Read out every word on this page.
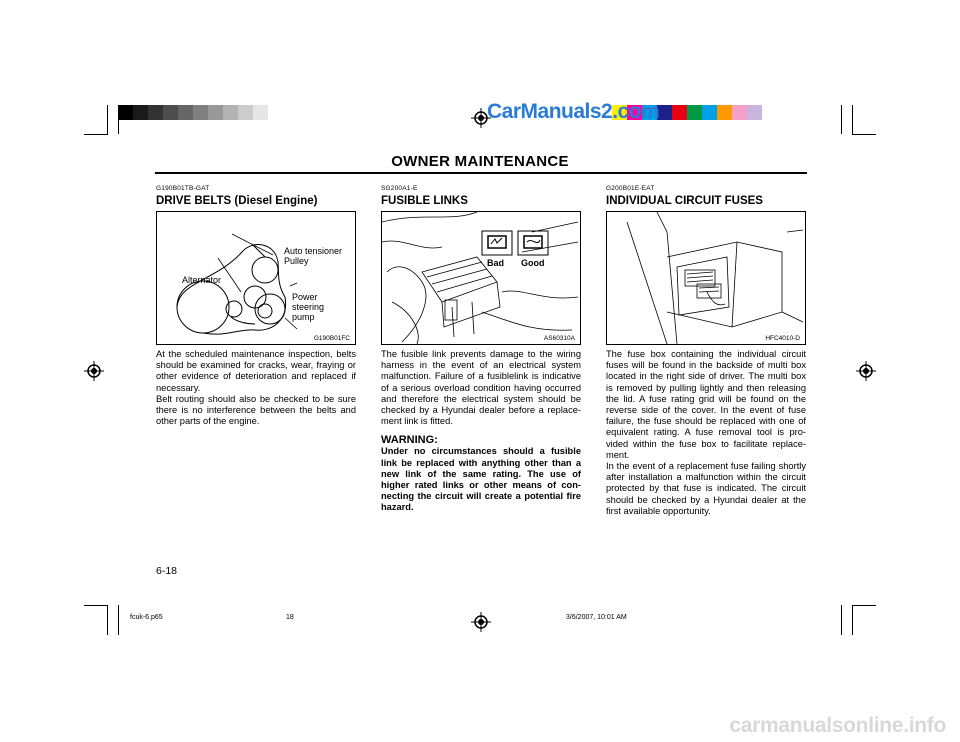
CarManuals2.com
OWNER MAINTENANCE
G190B01TB-GAT
DRIVE BELTS (Diesel Engine)
Auto tensioner
Pulley
Alternator
Power
steering
pump
G190B01FC

At the scheduled maintenance inspection, belts should be examined for cracks, wear, fraying or other evidence of deterioration and replaced if necessary.

Belt routing should also be checked to be sure there is no interference between the belts and other parts of the engine.

SG200A1-E
FUSIBLE LINKS
Bad Good
AS60310A

The fusible link prevents damage to the wiring harness in the event of an electrical system malfunction. Failure of a fusiblelink is indicative of a serious overload condition having occurred and therefore the electrical system should be checked by a Hyundai dealer before a replace-ment link is fitted.

WARNING:
Under no circumstances should a fusible link be replaced with anything other than a new link of the same rating. The use of higher rated links or other means of con-necting the circuit will create a potential fire hazard.
G200B01E-EAT
INDIVIDUAL CIRCUIT FUSES
HFC4010-D

The fuse box containing the individual circuit fuses will be found in the backside of multi box located in the right side of driver. The multi box is removed by pulling lightly and then releasing the lid. A fuse rating grid will be found on the reverse side of the cover. In the event of fuse failure, the fuse should be replaced with one of equivalent rating. A fuse removal tool is pro-vided within the fuse box to facilitate replace-ment.

In the event of a replacement fuse failing shortly after installation a malfunction within the circuit protected by that fuse is indicated. The circuit should be checked by a Hyundai dealer at the first available opportunity.

6-18
fcuk-6.p65	18	3/6/2007, 10:01 AM
carmanualsonline.info
